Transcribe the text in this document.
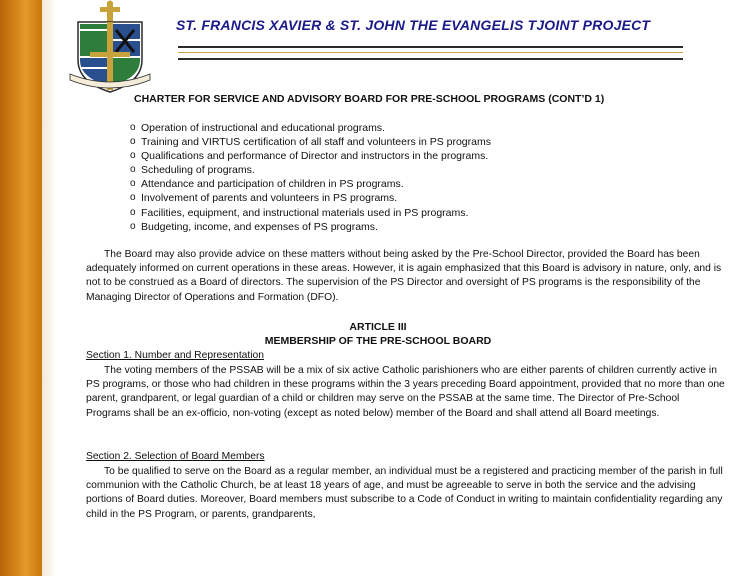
ST. FRANCIS XAVIER & ST. JOHN THE EVANGELIS TJOINT PROJECT
CHARTER FOR SERVICE AND ADVISORY BOARD FOR PRE-SCHOOL PROGRAMS (CONT’D 1)
o Operation of instructional and educational programs.
o Training and VIRTUS certification of all staff and volunteers in PS programs
o Qualifications and performance of Director and instructors in the programs.
o Scheduling of programs.
o Attendance and participation of children in PS programs.
o Involvement of parents and volunteers in PS programs.
o Facilities, equipment, and instructional materials used in PS programs.
o Budgeting, income, and expenses of PS programs.
The Board may also provide advice on these matters without being asked by the Pre-School Director, provided the Board has been adequately informed on current operations in these areas. However, it is again emphasized that this Board is advisory in nature, only, and is not to be construed as a Board of directors. The supervision of the PS Director and oversight of PS programs is the responsibility of the Managing Director of Operations and Formation (DFO).
ARTICLE III
MEMBERSHIP OF THE PRE-SCHOOL BOARD
Section 1. Number and Representation
The voting members of the PSSAB will be a mix of six active Catholic parishioners who are either parents of children currently active in PS programs, or those who had children in these programs within the 3 years preceding Board appointment, provided that no more than one parent, grandparent, or legal guardian of a child or children may serve on the PSSAB at the same time. The Director of Pre-School Programs shall be an ex-officio, non-voting (except as noted below) member of the Board and shall attend all Board meetings.
Section 2. Selection of Board Members
To be qualified to serve on the Board as a regular member, an individual must be a registered and practicing member of the parish in full communion with the Catholic Church, be at least 18 years of age, and must be agreeable to serve in both the service and the advising portions of Board duties. Moreover, Board members must subscribe to a Code of Conduct in writing to maintain confidentiality regarding any child in the PS Program, or parents, grandparents,
